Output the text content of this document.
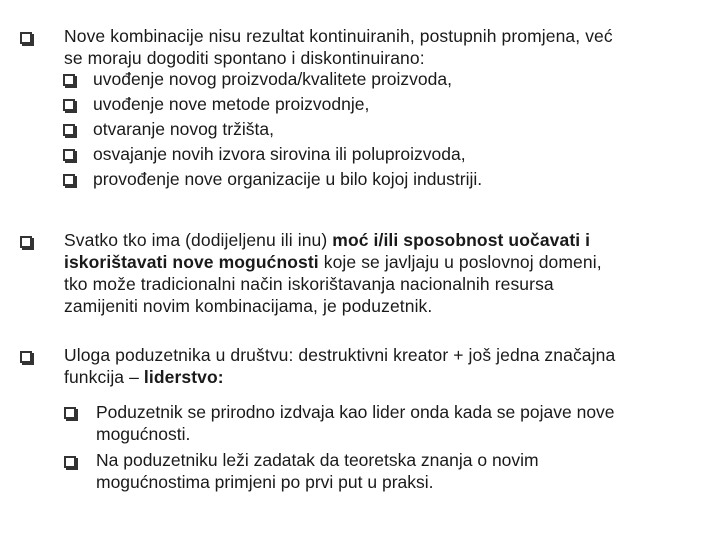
Nove kombinacije nisu rezultat kontinuiranih, postupnih promjena, već
se moraju dogoditi spontano i diskontinuirano:
uvođenje novog proizvoda/kvalitete proizvoda,
uvođenje nove metode proizvodnje,
otvaranje novog tržišta,
osvajanje novih izvora sirovina ili poluproizvoda,
provođenje nove organizacije u bilo kojoj industriji.
Svatko tko ima (dodijeljenu ili inu) moć i/ili sposobnost uočavati i
iskorištavati nove mogućnosti koje se javljaju u poslovnoj domeni,
tko može tradicionalni način iskorištavanja nacionalnih resursa
zamijeniti novim kombinacijama, je poduzetnik.
Uloga poduzetnika u društvu: destruktivni kreator + još jedna značajna
funkcija – liderstvo:
Poduzetnik se prirodno izdvaja kao lider onda kada se pojave nove
mogućnosti.
Na poduzetniku leži zadatak da teoretska znanja o novim
mogućnostima primjeni po prvi put u praksi.
